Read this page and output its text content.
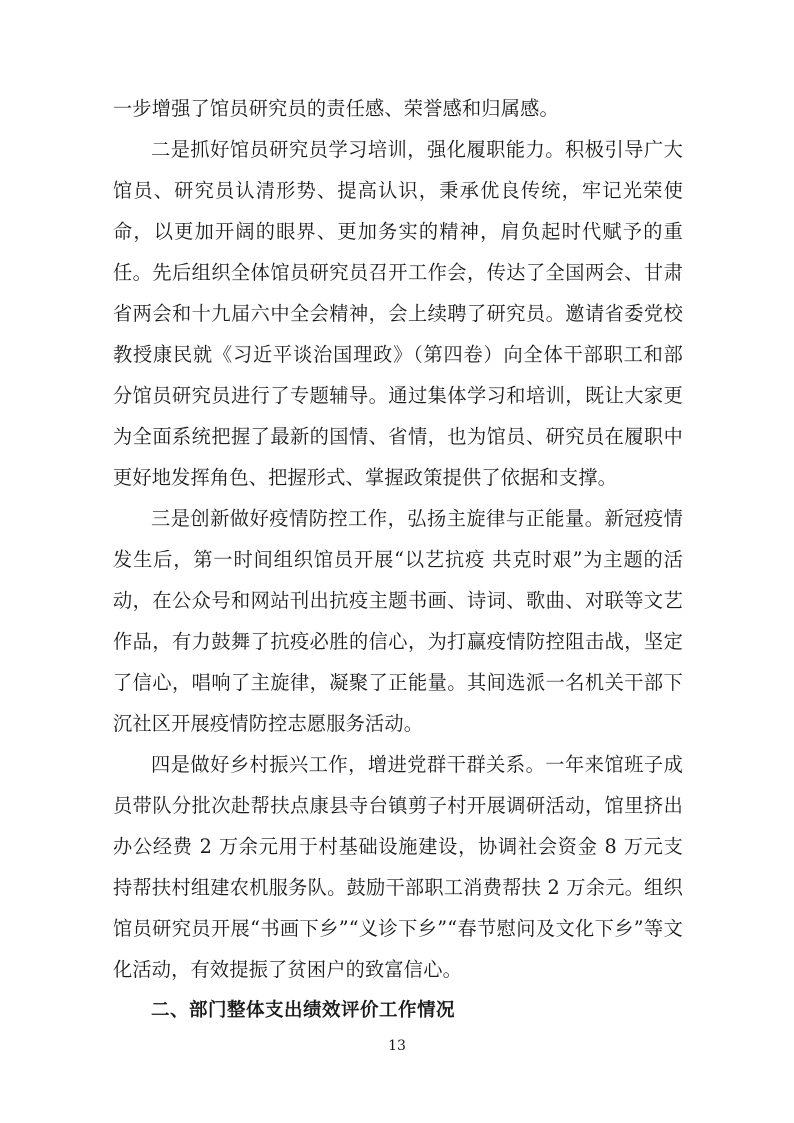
一步增强了馆员研究员的责任感、荣誉感和归属感。

二是抓好馆员研究员学习培训，强化履职能力。积极引导广大馆员、研究员认清形势、提高认识，秉承优良传统，牢记光荣使命，以更加开阔的眼界、更加务实的精神，肩负起时代赋予的重任。先后组织全体馆员研究员召开工作会，传达了全国两会、甘肃省两会和十九届六中全会精神，会上续聘了研究员。邀请省委党校教授康民就《习近平谈治国理政》（第四卷）向全体干部职工和部分馆员研究员进行了专题辅导。通过集体学习和培训，既让大家更为全面系统把握了最新的国情、省情，也为馆员、研究员在履职中更好地发挥角色、把握形式、掌握政策提供了依据和支撑。

三是创新做好疫情防控工作，弘扬主旋律与正能量。新冠疫情发生后，第一时间组织馆员开展“以艺抗疫 共克时艰”为主题的活动，在公众号和网站刊出抗疫主题书画、诗词、歌曲、对联等文艺作品，有力鼓舞了抗疫必胜的信心，为打赢疫情防控阻击战，坚定了信心，唱响了主旋律，凝聚了正能量。其间选派一名机关干部下沉社区开展疫情防控志愿服务活动。

四是做好乡村振兴工作，增进党群干群关系。一年来馆班子成员带队分批次赴帮扶点康县寺台镇剪子村开展调研活动，馆里挤出办公经费 2 万余元用于村基础设施建设，协调社会资金 8 万元支持帮扶村组建农机服务队。鼓励干部职工消费帮扶 2 万余元。组织馆员研究员开展“书画下乡”“义诊下乡”“春节慰问及文化下乡”等文化活动，有效提振了贫困户的致富信心。

二、部门整体支出绩效评价工作情况

13
